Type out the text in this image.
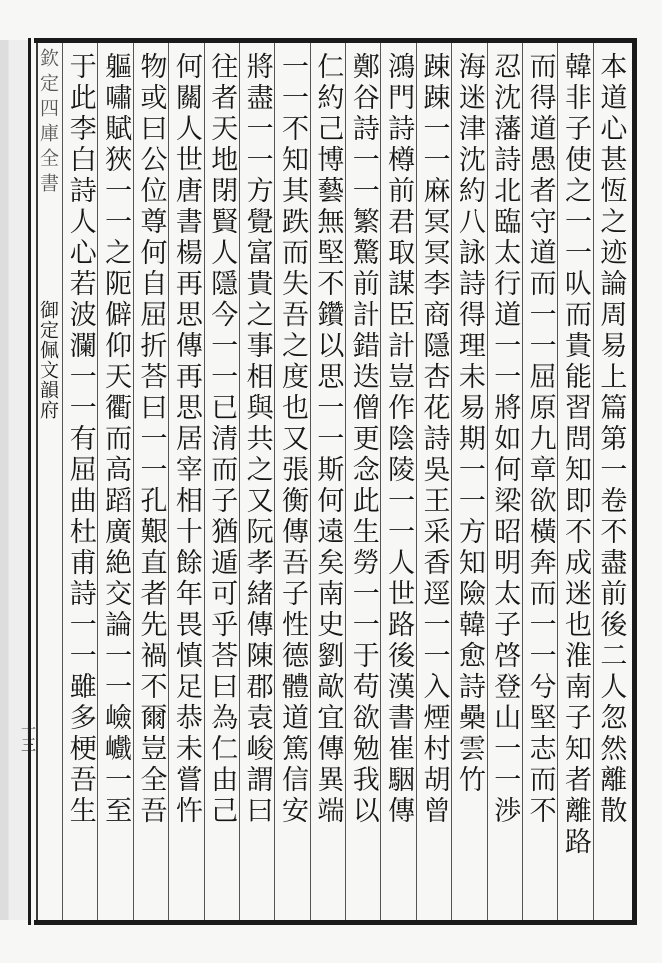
欽定四庫全書
御定佩文韻府
十三	本道心甚恆之迹論周易上篇第一卷不盡前後二人忽然離散
韓非子使之一一㕥而貴能習問知即不成迷也淮南子知者離路
而得道愚者守道而一一屈原九章欲橫奔而一一兮堅志而不
忍沈藩詩北臨太行道一一將如何梁昭明太子啓登山一一渉
海迷津沈約八詠詩得理未易期一一方知險韓愈詩櫐雲竹
踈踈一一麻冥冥李商隱杏花詩吳王采香逕一一入煙村胡曾
鴻門詩樽前君取謀臣計豈作陰陵一一人世路後漢書崔駰傳
鄭谷詩一一繁驚前計錯迭僧更念此生勞一一于苟欲勉我以
仁約己博藝無堅不鑽以思一一斯何遠矣南史劉歊宜傳異端
一一不知其跌而失吾之度也又張衡傳吾子性德體道篤信安
將盡一一方覺富貴之事相與共之又阮孝緒傳陳郡袁峻謂曰
往者天地閉賢人隱今一一已清而子猶遁可乎荅曰為仁由己
何關人世唐書楊再思傳再思居宰相十餘年畏慎足恭未嘗忤
物或曰公位尊何自屈折荅曰一一孔艱直者先禍不爾豈全吾
軀嘯賦狹一一之阨僻仰天衢而高蹈廣絶交論一一嶮巇一至
于此李白詩人心若波瀾一一有屈曲杜甫詩一一雖多梗吾生
